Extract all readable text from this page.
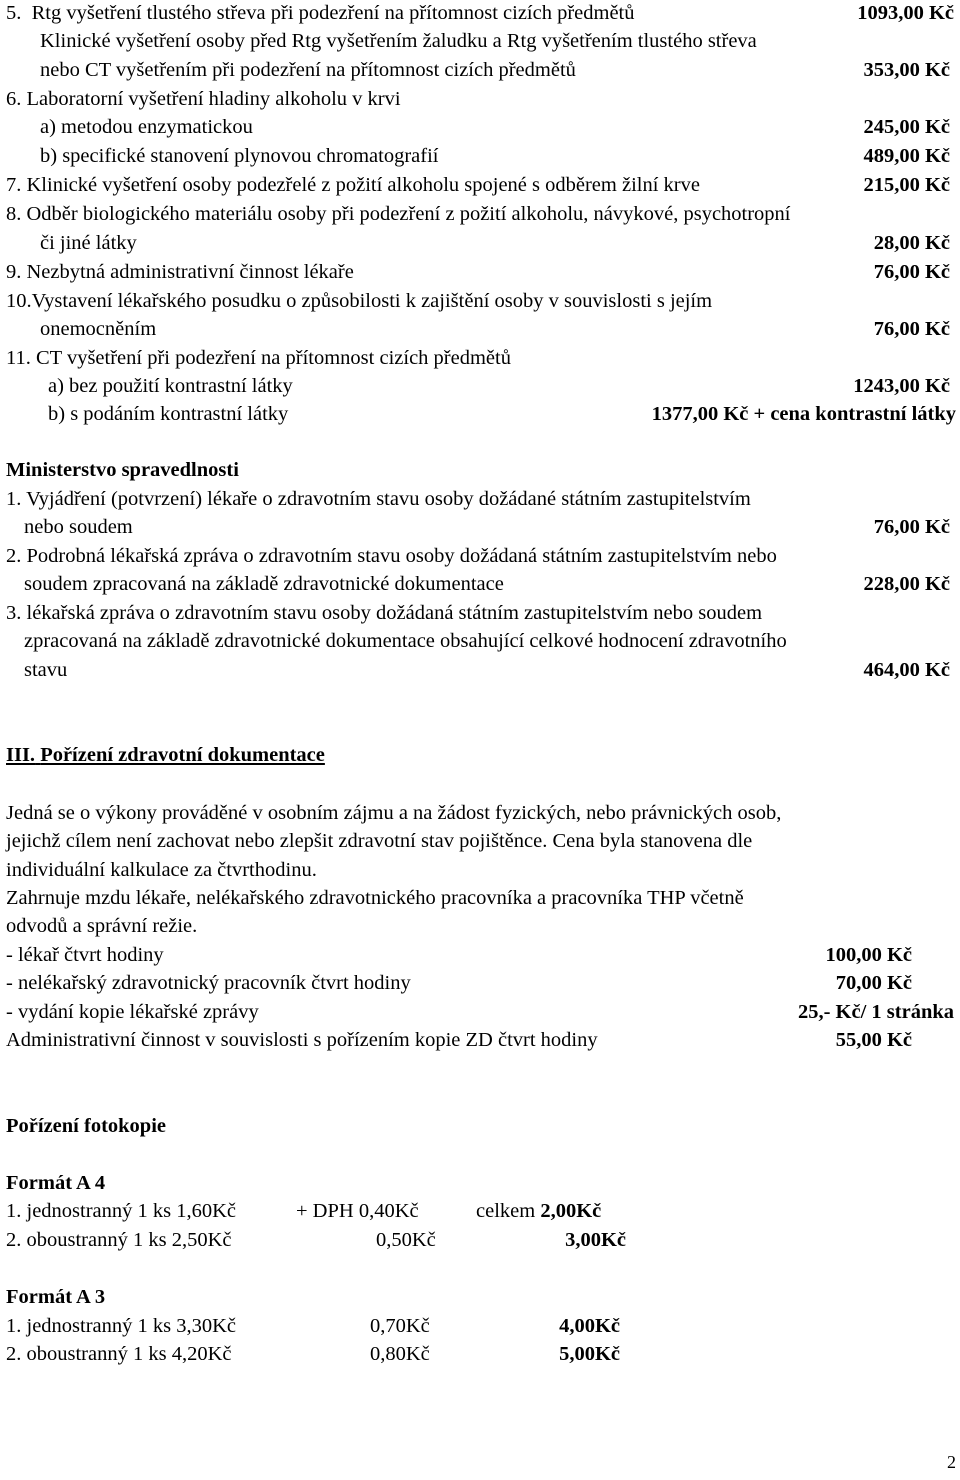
5.  Rtg vyšetření tlustého střeva při podezření na přítomnost cizích předmětů	1093,00 Kč
Klinické vyšetření osoby před Rtg vyšetřením žaludku a Rtg vyšetřením tlustého střeva
nebo CT vyšetřením při podezření na přítomnost cizích předmětů	353,00 Kč
6. Laboratorní vyšetření hladiny alkoholu v krvi
a) metodou enzymatickou	245,00 Kč
b) specifické stanovení plynovou chromatografií	489,00 Kč
7. Klinické vyšetření osoby podezřelé z požití alkoholu spojené s odběrem žilní krve	215,00 Kč
8. Odběr biologického materiálu osoby při podezření z požití alkoholu, návykové, psychotropní
či jiné látky	28,00 Kč
9. Nezbytná administrativní činnost lékaře	76,00 Kč
10.Vystavení lékařského posudku o způsobilosti k zajištění osoby v souvislosti s jejím
onemocněním	76,00 Kč
11. CT vyšetření při podezření na přítomnost cizích předmětů
a) bez použití kontrastní látky	1243,00 Kč
b) s podáním kontrastní látky	1377,00 Kč + cena kontrastní látky
Ministerstvo spravedlnosti
1. Vyjádření (potvrzení) lékaře o zdravotním stavu osoby dožádané státním zastupitelstvím
nebo soudem	76,00 Kč
2. Podrobná lékařská zpráva o zdravotním stavu osoby dožádaná státním zastupitelstvím nebo
soudem zpracovaná na základě zdravotnické dokumentace	228,00 Kč
3. lékařská zpráva o zdravotním stavu osoby dožádaná státním zastupitelstvím nebo soudem
zpracovaná na základě zdravotnické dokumentace obsahující celkové hodnocení zdravotního
stavu	464,00 Kč
III. Pořízení zdravotní dokumentace
Jedná se o výkony prováděné v osobním zájmu a na žádost fyzických, nebo právnických osob,
jejichž cílem není zachovat nebo zlepšit zdravotní stav pojištěnce. Cena byla stanovena dle
individuální kalkulace za čtvrthodinu.
Zahrnuje mzdu lékaře, nelékařského zdravotnického pracovníka a pracovníka THP včetně
odvodů a správní režie.
- lékař čtvrt hodiny	100,00 Kč
- nelékařský zdravotnický pracovník čtvrt hodiny	70,00 Kč
- vydání kopie lékařské zprávy	25,- Kč/ 1 stránka
Administrativní činnost v souvislosti s pořízením kopie ZD čtvrt hodiny	55,00 Kč
Pořízení fotokopie
Formát A 4
1. jednostranný 1 ks 1,60Kč	+ DPH 0,40Kč	celkem 2,00Kč
2. oboustranný 1 ks 2,50Kč	0,50Kč	3,00Kč
Formát A 3
1. jednostranný 1 ks 3,30Kč	0,70Kč	4,00Kč
2. oboustranný 1 ks 4,20Kč	0,80Kč	5,00Kč
2
